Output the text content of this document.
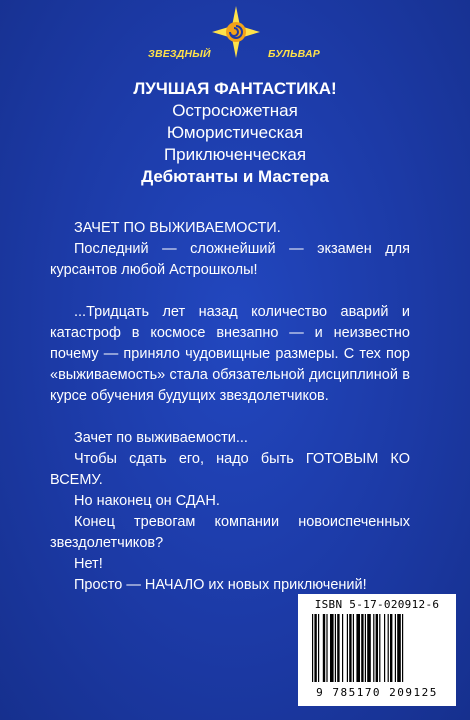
ЗВЕЗДНЫЙ	БУЛЬВАР
ЛУЧШАЯ ФАНТАСТИКА!
Остросюжетная
Юмористическая
Приключенческая
Дебютанты и Мастера

ЗАЧЕТ ПО ВЫЖИВАЕМОСТИ.

Последний — сложнейший — экзамен для курсантов любой Астрошколы!

...Тридцать лет назад количество аварий и катастроф в космосе внезапно — и неизвестно почему — приняло чудовищные размеры. С тех пор «выживаемость» стала обязательной дисциплиной в курсе обучения будущих звездолетчиков.

Зачет по выживаемости...

Чтобы сдать его, надо быть ГОТОВЫМ КО ВСЕМУ.

Но наконец он СДАН.

Конец тревогам компании новоиспеченных звездолетчиков?

Нет!

Просто — НАЧАЛО их новых приключений!

ISBN 5-17-020912-6
9 785170 209125
